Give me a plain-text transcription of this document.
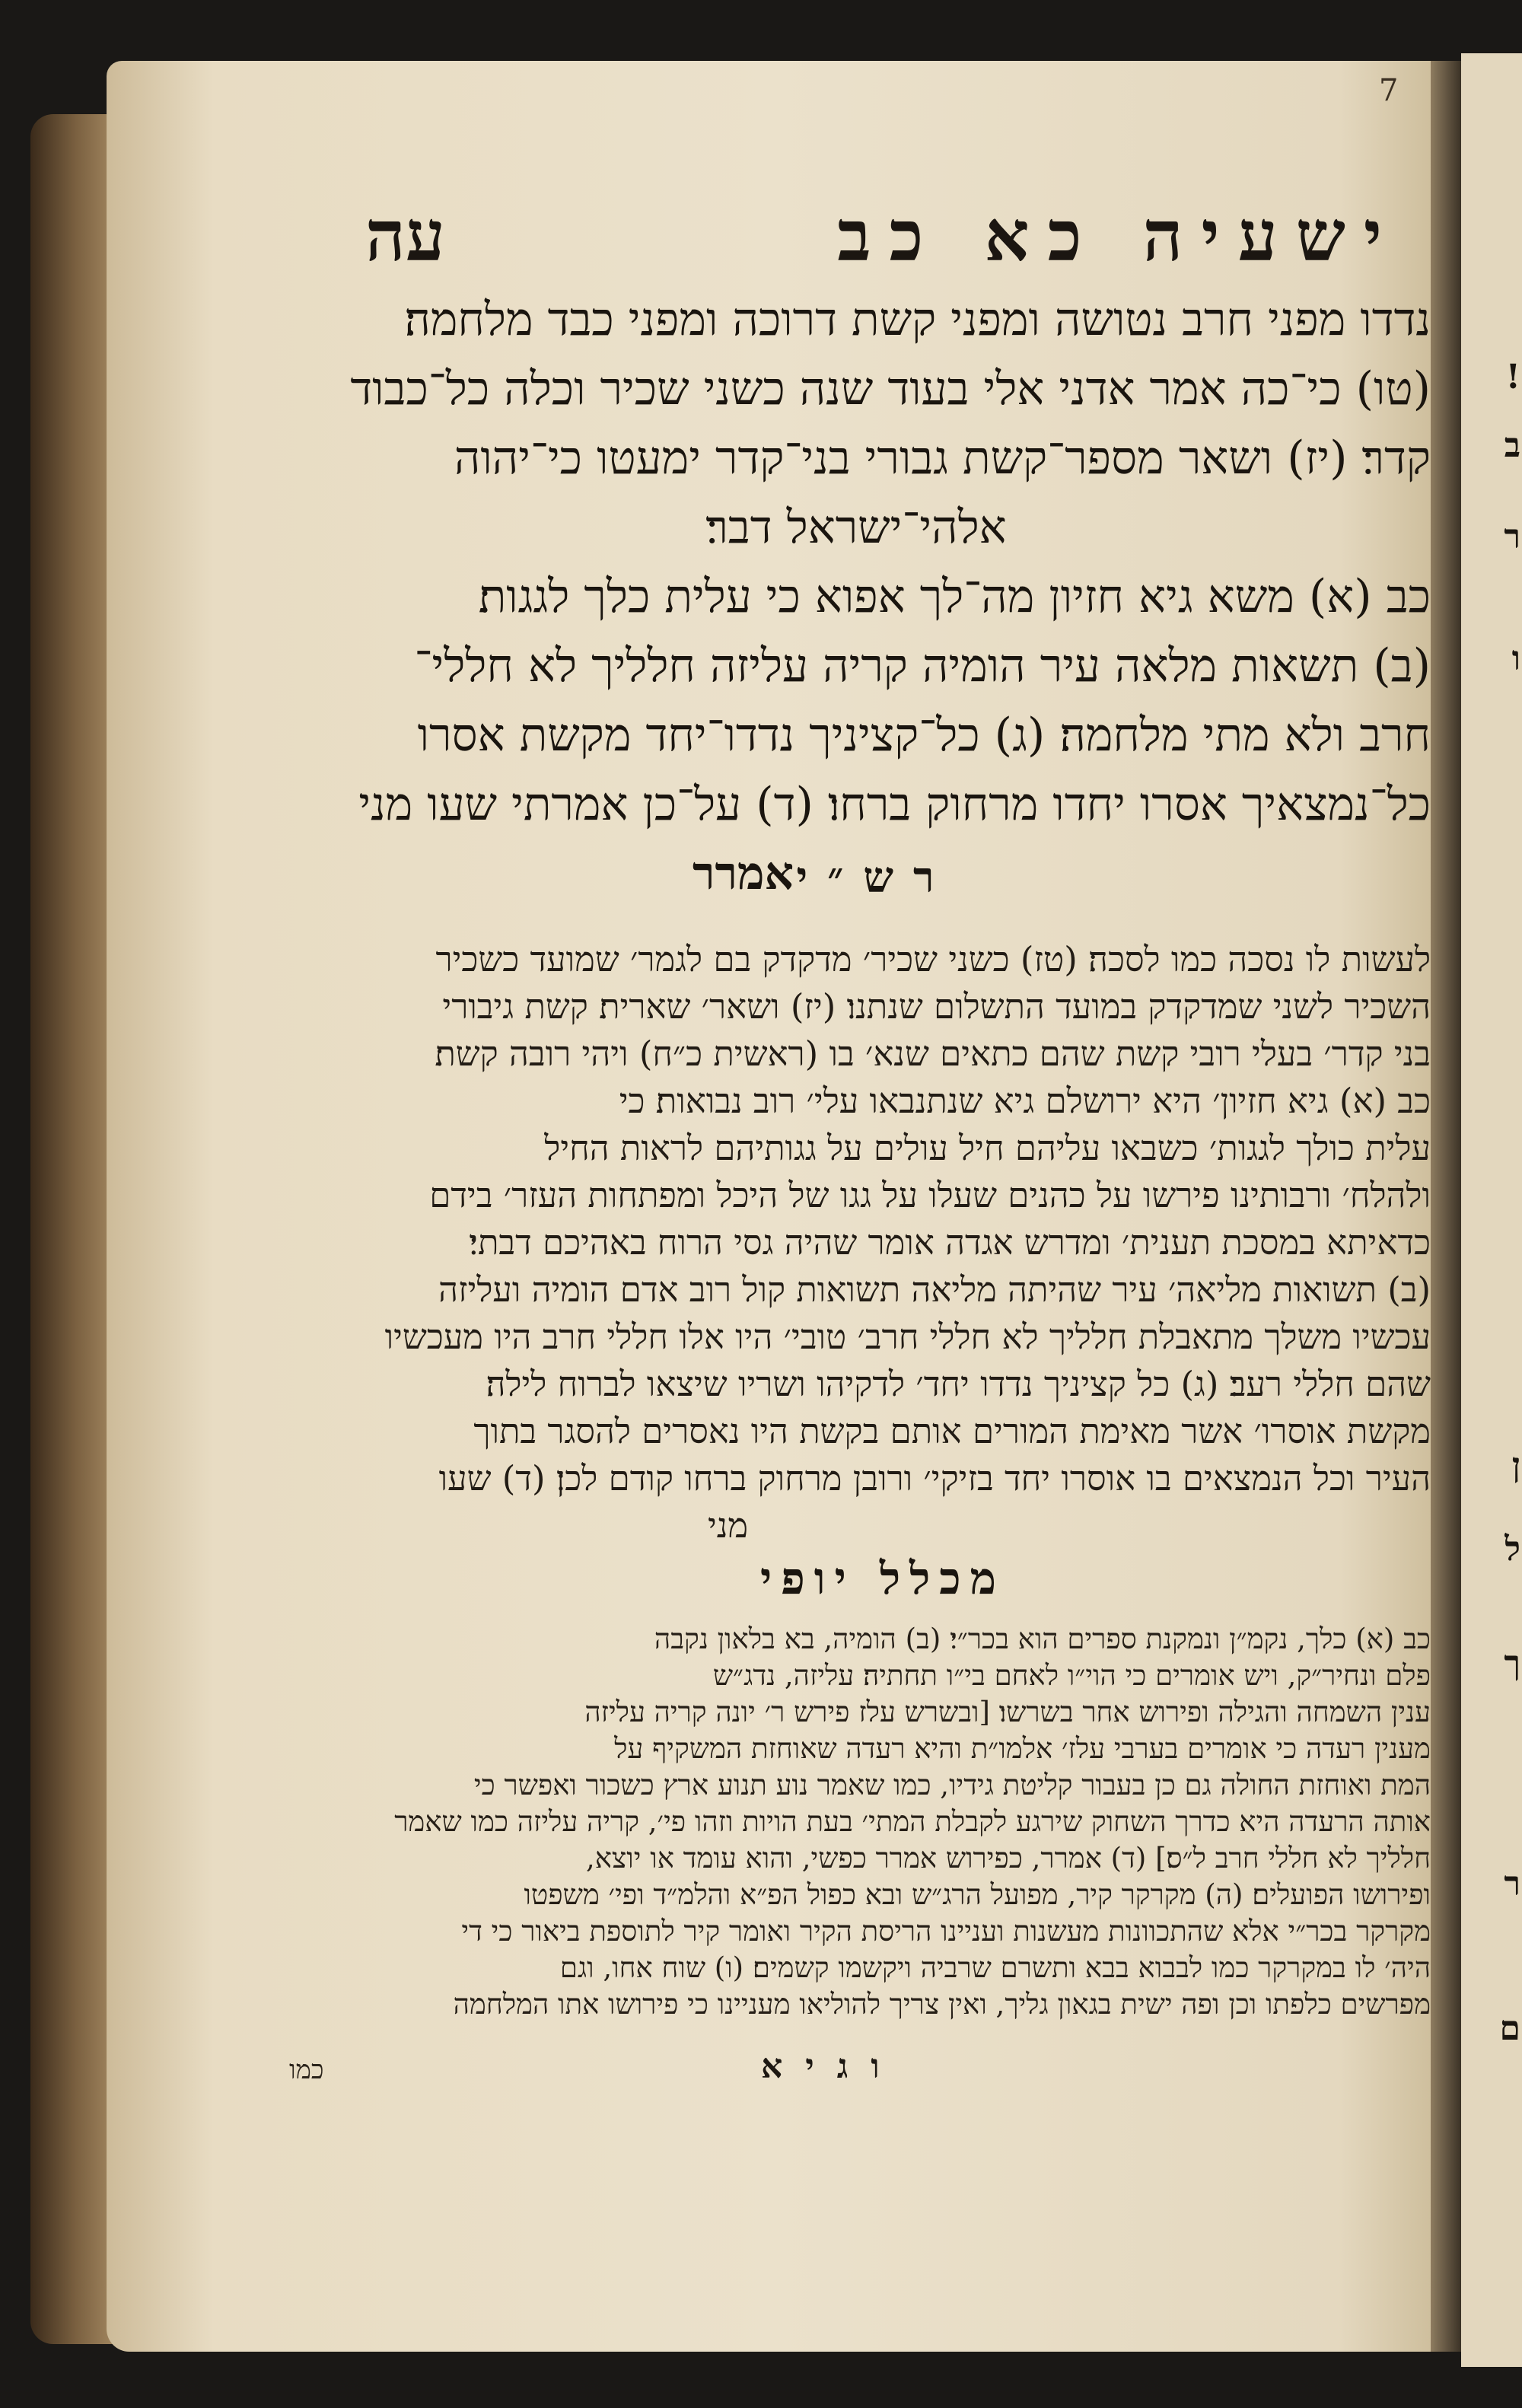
7
ישעיה כא כב
עה

נדדו מפני חרב נטושה ומפני קשת דרוכה ומפני כבד מלחמה׃

(טו) כי־כה אמר אדני אלי בעוד שנה כשני שכיר וכלה כל־כבוד

קדר׃ (יז) ושאר מספר־קשת גבורי בני־קדר ימעטו כי־יהוה

אלהי־ישראל דבר׃

כב (א) משא גיא חזיון מה־לך אפוא כי עלית כלך לגגות׃

(ב) תשאות מלאה עיר הומיה קריה עליזה חלליך לא חללי־

חרב ולא מתי מלחמה׃ (ג) כל־קציניך נדדו־יחד מקשת אסרו

כל־נמצאיך אסרו יחדו מרחוק ברחו׃ (ד) על־כן אמרתי שעו מני

אמרר רש״י

לעשות לו נסכה כמו לסכה׃ (טז) כשני שכיר׳ מדקדק בם לגמר׳ שמועד כשכיר

השכיר לשני שמדקדק במועד התשלום שנתנו׃ (יז) ושאר׳ שארית׃ קשת גיבורי

בני קדר׳ בעלי רובי קשת שהם כתאים שנא׳ בו (ראשית כ״ח) ויהי רובה קשת׃

כב (א) גיא חזיון׳ היא ירושלם גיא שנתנבאו עלי׳ רוב נבואות׃ כי

עלית כולך לגגות׳ כשבאו עליהם חיל עולים על גגותיהם לראות החיל

ולהלח׳ ורבותינו פירשו על כהנים שעלו על גגו של היכל ומפתחות העזר׳ בידם

כדאיתא במסכת תענית׳ ומדרש אגדה אומר שהיה גסי הרוח באהיכם דבתי׃

(ב) תשואות מליאה׳ עיר שהיתה מליאה תשואות קול רוב אדם הומיה ועליזה

עכשיו משלך מתאבלת חלליך לא חללי חרב׳ טובי׳ היו אלו חללי חרב היו מעכשיו

שהם חללי רעב׃ (ג) כל קציניך נדדו יחד׳ לדקיהו ושריו שיצאו לברוח לילה׃

מקשת אוסרו׳ אשר מאימת המורים אותם בקשת היו נאסרים להסגר בתוך

העיר וכל הנמצאים בו אוסרו יחד בזיקי׳ ורובן מרחוק ברחו קודם לכן׃ (ד) שעו

מני

מכלל יופי

כב (א) כלך, נקמ״ן ונמקנת ספרים הוא בכר״י׃ (ב) הומיה, בא בלאון נקבה

פלם ונחיר״ק, ויש אומרים כי הוי״ו לאחם בי״ו תחתיה׃ עליזה, נדג״ש

ענין השמחה והגילה ופירוש אחר בשרשו׃ [ובשרש עלז פירש ר׳ יונה קריה עליזה

מענין רעדה כי אומרים בערבי עלז׳ אלמו״ת והיא רעדה שאוחזת המשקיף על

המת ואוחזת החולה גם כן בעבור קליטת גידיו, כמו שאמר נוע תנוע ארץ כשכור ואפשר כי

אותה הרעדה היא כדרך השחוק שירגע לקבלת המתי׳ בעת הויות וזהו פי׳, קריה עליזה כמו שאמר

חלליך לא חללי חרב ל״ס׃] (ד) אמרר, כפירוש אמרר כפשי, והוא עומד או יוצא,

ופירושו הפועלים׃ (ה) מקרקר קיר, מפועל הרג״ש ובא כפול הפ״א והלמ״ד ופי׳ משפטו

מקרקר בכר״י אלא שהתכוונות מעשנות ועניינו הריסת הקיר ואומר קיר לתוספת ביאור כי די

היה׳ לו במקרקר כמו לבבוא בבא ותשרם שרביה ויקשמו קשמים׃ (ו) שוח אחו, וגם

מפרשים כלפתו וכן ופה ישית בגאון גליך, ואין צריך להוליאו מעניינו כי פירושו אתו המלחמה

וגיא
כמו
!
ב
ר
ו
ן
ל
ך
ר
ם
